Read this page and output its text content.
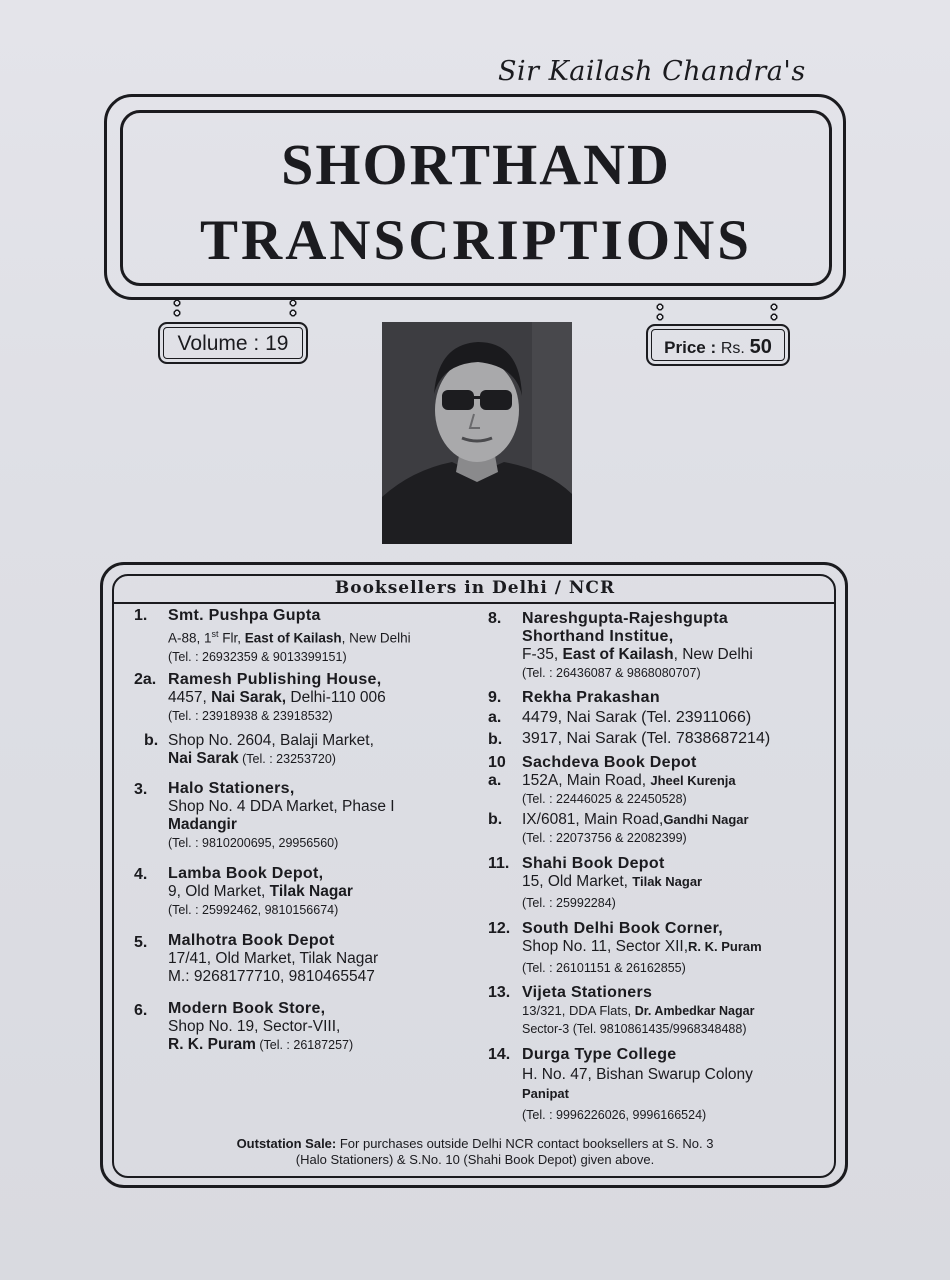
Sir Kailash Chandra's
SHORTHAND
TRANSCRIPTIONS
Volume : 19	Price : Rs. 50
Booksellers in Delhi / NCR
1. Smt. Pushpa Gupta
A-88, 1st Flr, East of Kailash, New Delhi
(Tel. : 26932359 & 9013399151)
2a. Ramesh Publishing House,
4457, Nai Sarak, Delhi-110 006
(Tel. : 23918938 & 23918532)
b. Shop No. 2604, Balaji Market,
Nai Sarak (Tel. : 23253720)
3. Halo Stationers,
Shop No. 4 DDA Market, Phase I
Madangir
(Tel. : 9810200695, 29956560)
4. Lamba Book Depot,
9, Old Market, Tilak Nagar
(Tel. : 25992462, 9810156674)
5. Malhotra Book Depot
17/41, Old Market, Tilak Nagar
M.: 9268177710, 9810465547
6. Modern Book Store,
Shop No. 19, Sector-VIII,
R. K. Puram (Tel. : 26187257)
8. Nareshgupta-Rajeshgupta
Shorthand Institue,
F-35, East of Kailash, New Delhi
(Tel. : 26436087 & 9868080707)
9. Rekha Prakashan
4479, Nai Sarak (Tel. 23911066)
3917, Nai Sarak (Tel. 7838687214)
a.
b.
10 Sachdeva Book Depot
152A, Main Road, Jheel Kurenja
(Tel. : 22446025 & 22450528)
IX/6081, Main Road,Gandhi Nagar
(Tel. : 22073756 & 22082399)
a.
b.
11. Shahi Book Depot
15, Old Market, Tilak Nagar
(Tel. : 25992284)
12. South Delhi Book Corner,
Shop No. 11, Sector XII,R. K. Puram
(Tel. : 26101151 & 26162855)
13. Vijeta Stationers
13/321, DDA Flats, Dr. Ambedkar Nagar
Sector-3 (Tel. 9810861435/9968348488)
14. Durga Type College
H. No. 47, Bishan Swarup Colony
Panipat
(Tel. : 9996226026, 9996166524)
Outstation Sale: For purchases outside Delhi NCR contact booksellers at S. No. 3
(Halo Stationers) & S.No. 10 (Shahi Book Depot) given above.
